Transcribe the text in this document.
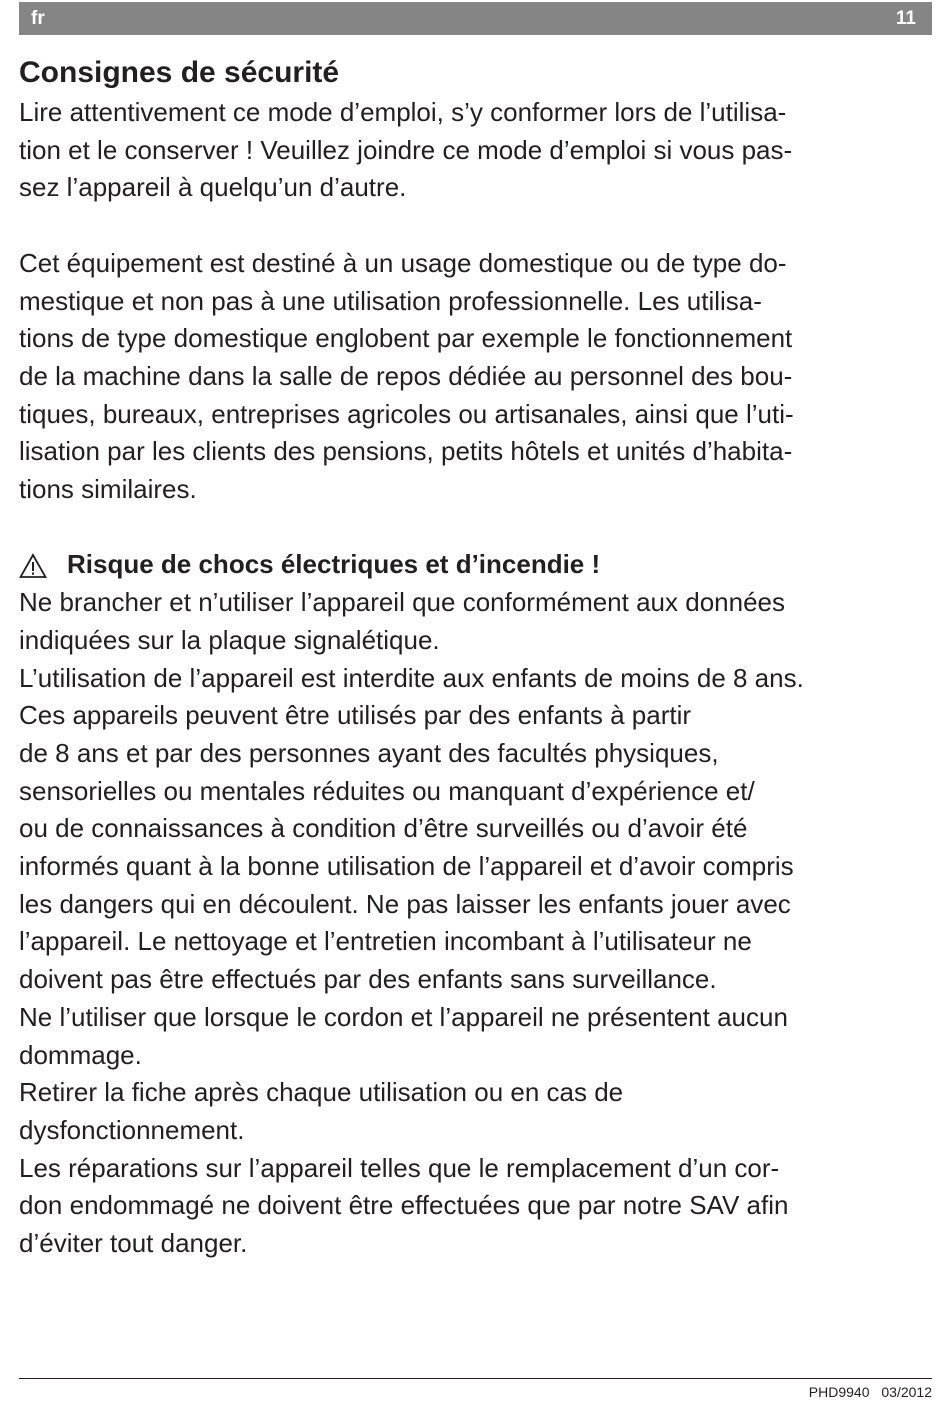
fr	11
Consignes de sécurité
Lire attentivement ce mode d’emploi, s’y conformer lors de l’utilisa-
tion et le conserver ! Veuillez joindre ce mode d’emploi si vous pas-
sez l’appareil à quelqu’un d’autre.
Cet équipement est destiné à un usage domestique ou de type do-
mestique et non pas à une utilisation professionnelle. Les utilisa-
tions de type domestique englobent par exemple le fonctionnement
de la machine dans la salle de repos dédiée au personnel des bou-
tiques, bureaux, entreprises agricoles ou artisanales, ainsi que l’uti-
lisation par les clients des pensions, petits hôtels et unités d’habita-
tions similaires.
Risque de chocs électriques et d’incendie !
Ne brancher et n’utiliser l’appareil que conformément aux données
indiquées sur la plaque signalétique.
L’utilisation de l’appareil est interdite aux enfants de moins de 8 ans.
Ces appareils peuvent être utilisés par des enfants à partir
de 8 ans et par des personnes ayant des facultés physiques,
sensorielles ou mentales réduites ou manquant d’expérience et/
ou de connaissances à condition d’être surveillés ou d’avoir été
informés quant à la bonne utilisation de l’appareil et d’avoir compris
les dangers qui en découlent. Ne pas laisser les enfants jouer avec
l’appareil. Le nettoyage et l’entretien incombant à l’utilisateur ne
doivent pas être effectués par des enfants sans surveillance.
Ne l’utiliser que lorsque le cordon et l’appareil ne présentent aucun
dommage.
Retirer la fiche après chaque utilisation ou en cas de
dysfonctionnement.
Les réparations sur l’appareil telles que le remplacement d’un cor-
don endommagé ne doivent être effectuées que par notre SAV afin
d’éviter tout danger.
PHD9940 03/2012
